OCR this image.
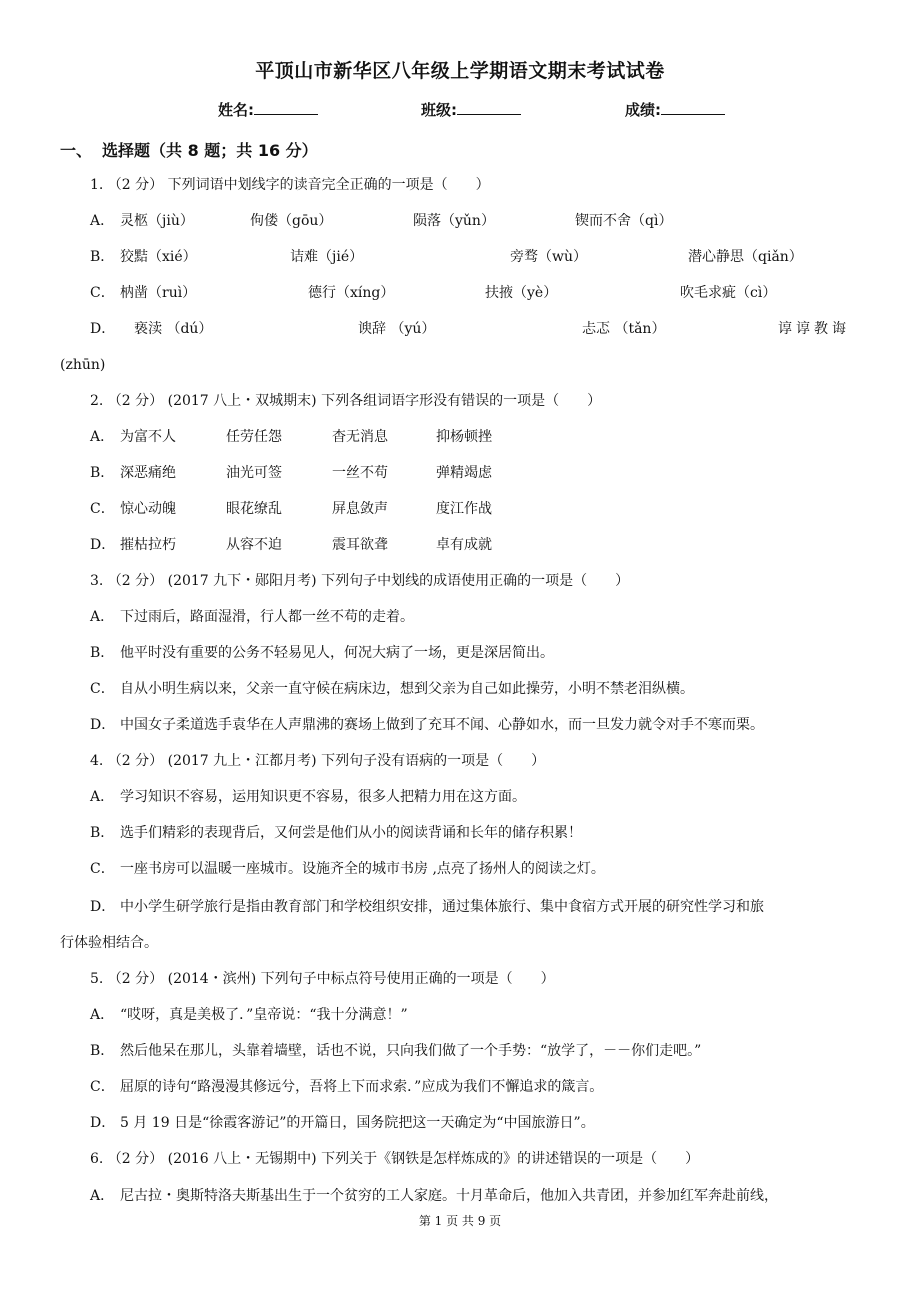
平顶山市新华区八年级上学期语文期末考试试卷
姓名:	班级:	成绩:
一、 选择题（共 8 题；共 16 分）
1. （2 分） 下列词语中划线字的读音完全正确的一项是（　　）
A． 灵柩（jiù）	佝偻（gōu）	陨落（yǔn）	锲而不舍（qì）
B． 狡黠（xié）	诘难（jié）	旁骛（wù）	潜心静思（qiǎn）
C． 枘凿（ruì）	德行（xíng）	扶掖（yè）	吹毛求疵（cì）
D． 亵渎 （dú）	谀辞 （yú）	忐忑 （tǎn）	谆谆教诲
(zhūn)
2. （2 分） (2017 八上・双城期末) 下列各组词语字形没有错误的一项是（　　）
A． 为富不人	任劳任怨	杳无消息	抑杨顿挫
B． 深恶痛绝	油光可签	一丝不苟	弹精竭虑
C． 惊心动魄	眼花缭乱	屏息敛声	度江作战
D． 摧枯拉朽	从容不迫	震耳欲聋	卓有成就
3. （2 分） (2017 九下・郧阳月考) 下列句子中划线的成语使用正确的一项是（　　）
A． 下过雨后，路面湿滑，行人都一丝不苟的走着。
B． 他平时没有重要的公务不轻易见人，何况大病了一场，更是深居简出。
C． 自从小明生病以来，父亲一直守候在病床边，想到父亲为自己如此操劳，小明不禁老泪纵横。
D． 中国女子柔道选手袁华在人声鼎沸的赛场上做到了充耳不闻、心静如水，而一旦发力就令对手不寒而栗。
4. （2 分） (2017 九上・江都月考) 下列句子没有语病的一项是（　　）
A． 学习知识不容易，运用知识更不容易，很多人把精力用在这方面。
B． 选手们精彩的表现背后，又何尝是他们从小的阅读背诵和长年的储存积累！
C． 一座书房可以温暖一座城市。设施齐全的城市书房 ,点亮了扬州人的阅读之灯。
D． 中小学生研学旅行是指由教育部门和学校组织安排，通过集体旅行、集中食宿方式开展的研究性学习和旅
行体验相结合。
5. （2 分） (2014・滨州) 下列句子中标点符号使用正确的一项是（　　）
A． “哎呀，真是美极了．”皇帝说：“我十分满意！”
B． 然后他呆在那儿，头靠着墙壁，话也不说，只向我们做了一个手势：“放学了，－－你们走吧。”
C． 屈原的诗句“路漫漫其修远兮，吾将上下而求索．”应成为我们不懈追求的箴言。
D． 5 月 19 日是“徐霞客游记”的开篇日，国务院把这一天确定为“中国旅游日”。
6. （2 分） (2016 八上・无锡期中) 下列关于《钢铁是怎样炼成的》的讲述错误的一项是（　　）
A． 尼古拉・奥斯特洛夫斯基出生于一个贫穷的工人家庭。十月革命后，他加入共青团，并参加红军奔赴前线，
第 1 页 共 9 页
